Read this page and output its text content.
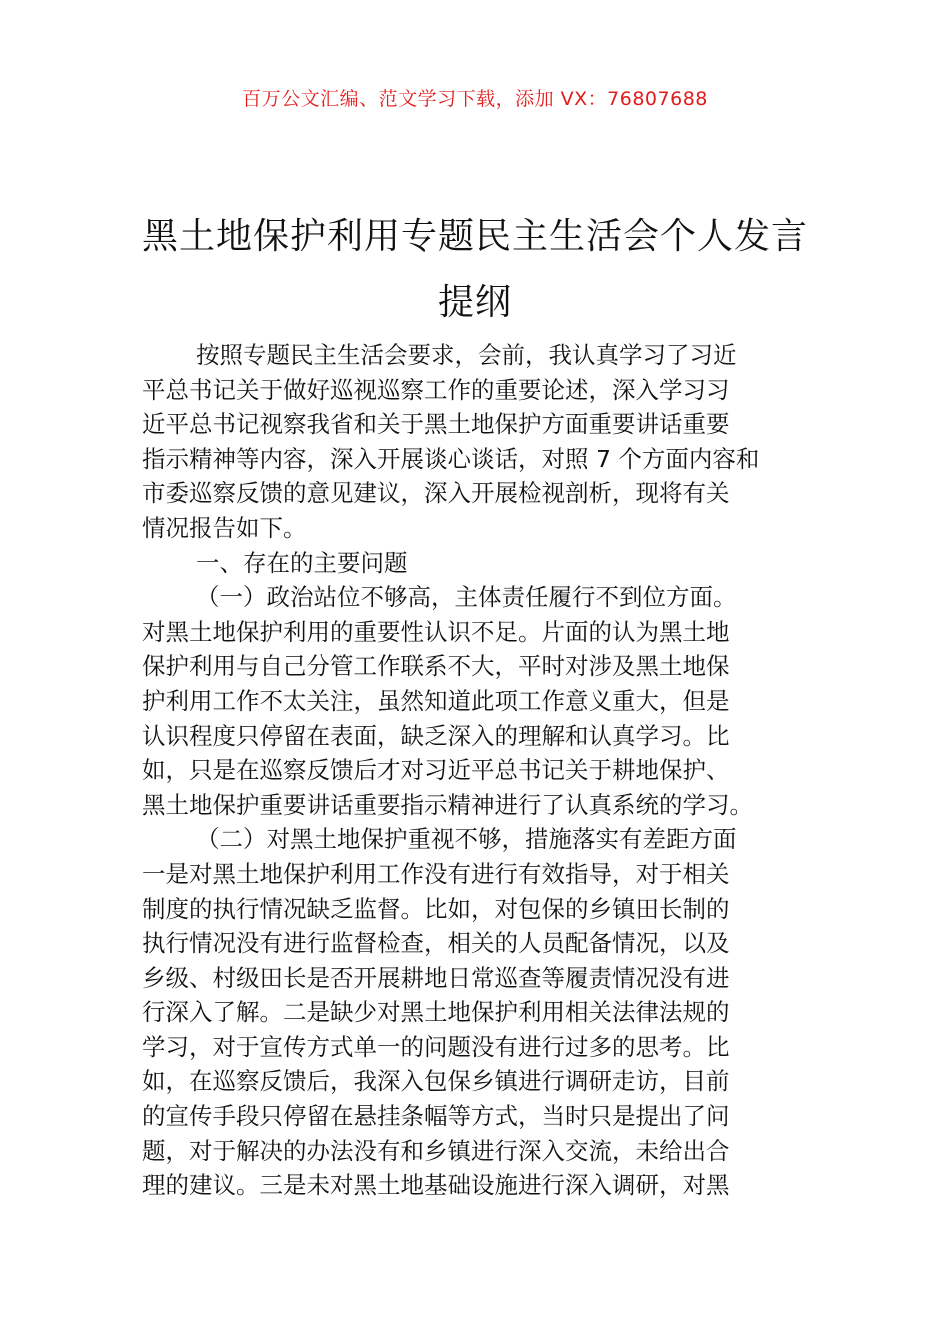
百万公文汇编、范文学习下载，添加 VX：76807688
黑土地保护利用专题民主生活会个人发言
提纲
按照专题民主生活会要求，会前，我认真学习了习近
平总书记关于做好巡视巡察工作的重要论述，深入学习习
近平总书记视察我省和关于黑土地保护方面重要讲话重要
指示精神等内容，深入开展谈心谈话，对照 7 个方面内容和
市委巡察反馈的意见建议，深入开展检视剖析，现将有关
情况报告如下。
一、存在的主要问题
（一）政治站位不够高，主体责任履行不到位方面。
对黑土地保护利用的重要性认识不足。片面的认为黑土地
保护利用与自己分管工作联系不大，平时对涉及黑土地保
护利用工作不太关注，虽然知道此项工作意义重大，但是
认识程度只停留在表面，缺乏深入的理解和认真学习。比
如，只是在巡察反馈后才对习近平总书记关于耕地保护、
黑土地保护重要讲话重要指示精神进行了认真系统的学习。
（二）对黑土地保护重视不够，措施落实有差距方面
一是对黑土地保护利用工作没有进行有效指导，对于相关
制度的执行情况缺乏监督。比如，对包保的乡镇田长制的
执行情况没有进行监督检查，相关的人员配备情况，以及
乡级、村级田长是否开展耕地日常巡查等履责情况没有进
行深入了解。二是缺少对黑土地保护利用相关法律法规的
学习，对于宣传方式单一的问题没有进行过多的思考。比
如，在巡察反馈后，我深入包保乡镇进行调研走访，目前
的宣传手段只停留在悬挂条幅等方式，当时只是提出了问
题，对于解决的办法没有和乡镇进行深入交流，未给出合
理的建议。三是未对黑土地基础设施进行深入调研，对黑
